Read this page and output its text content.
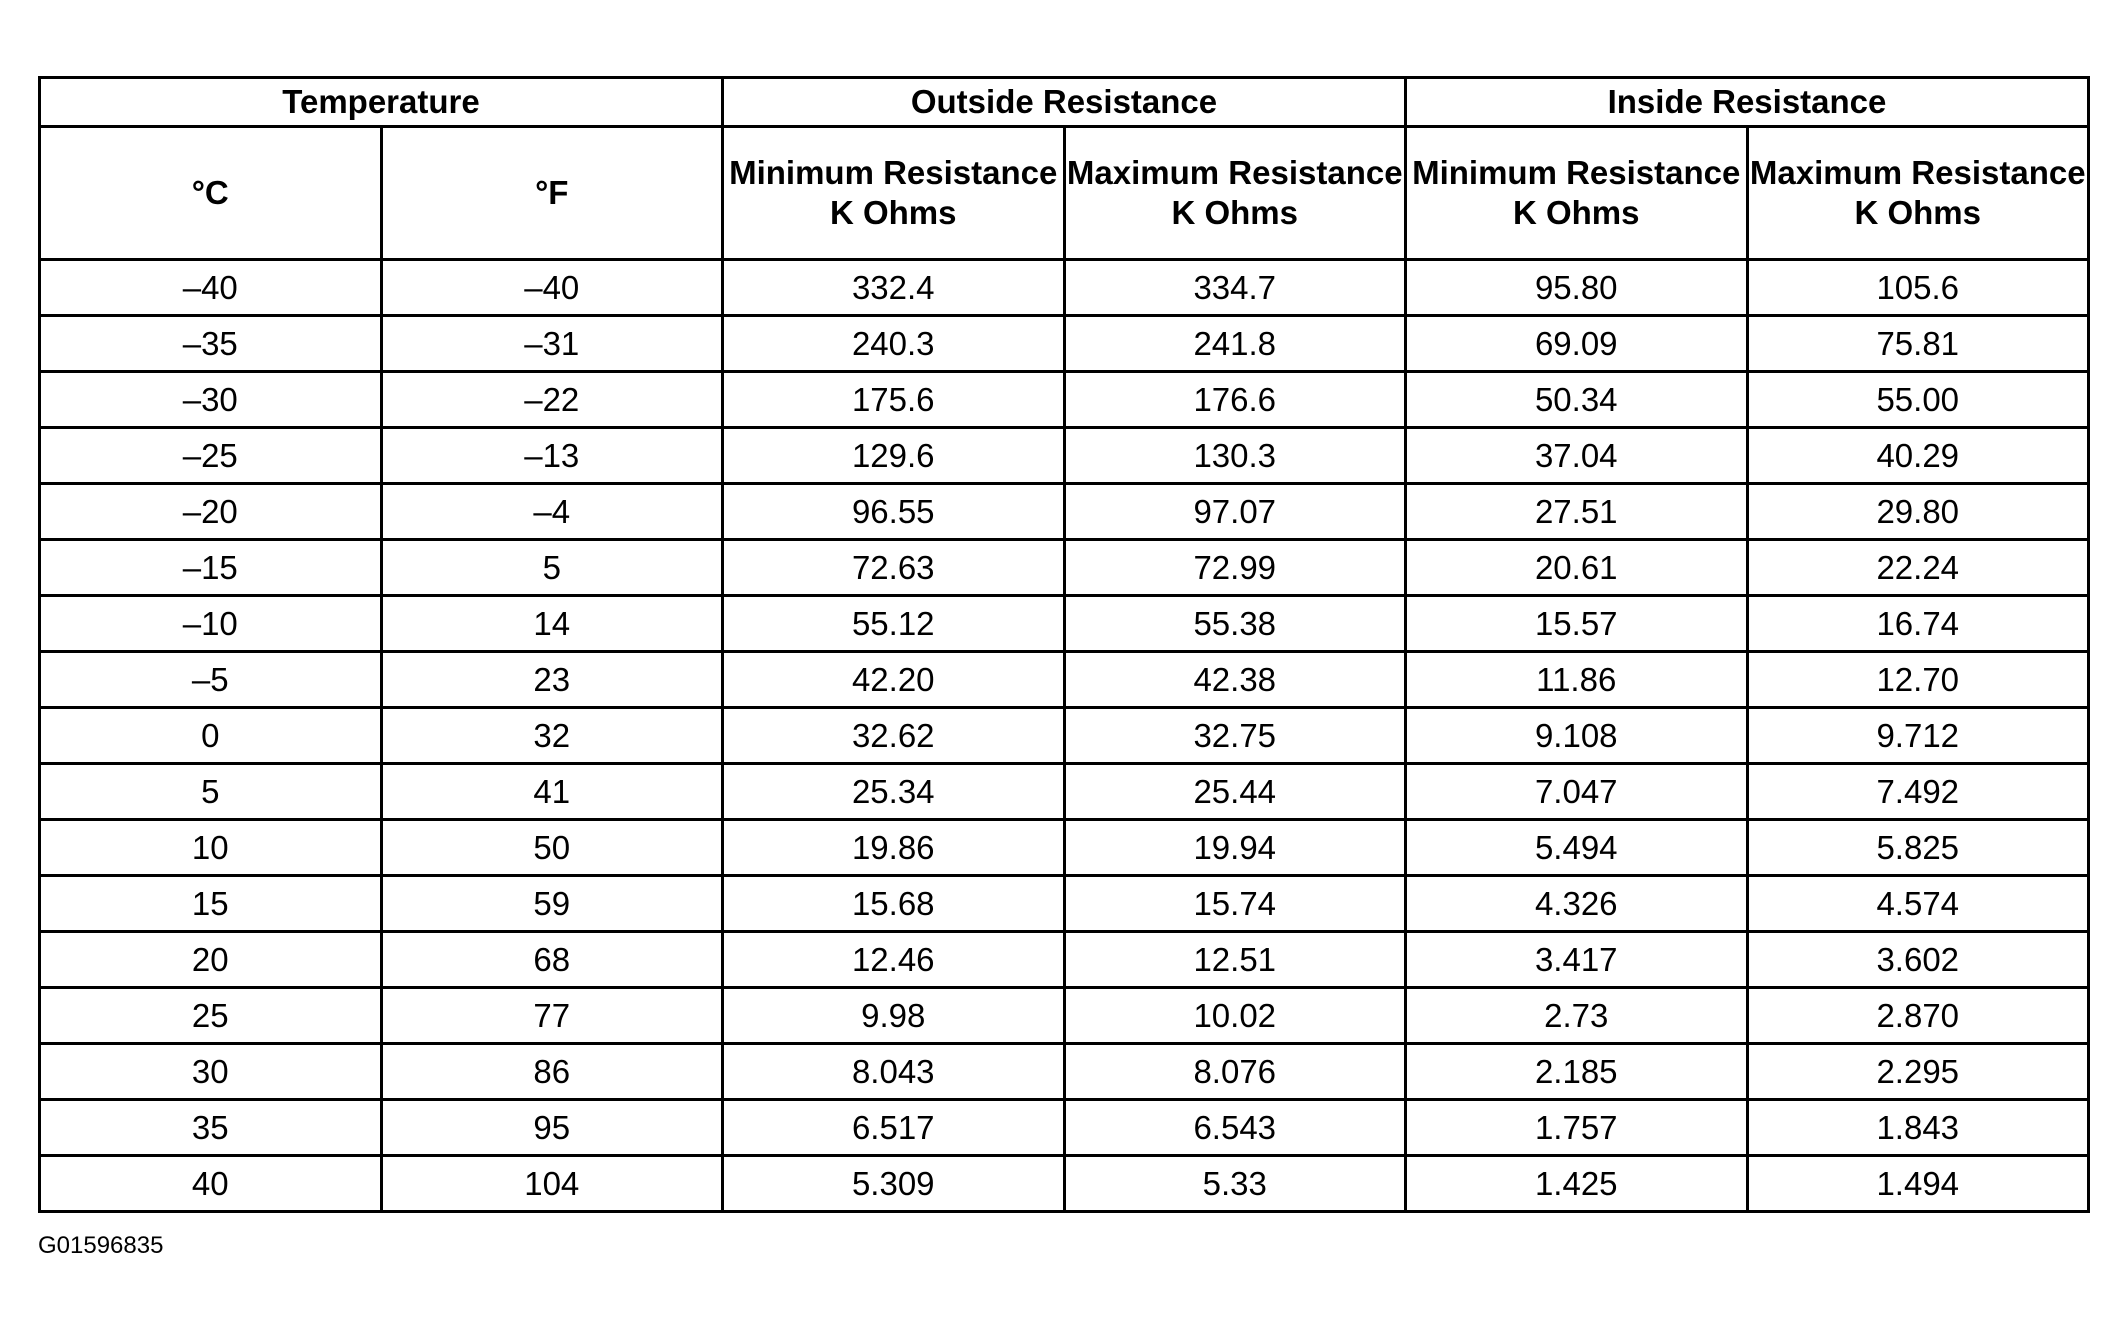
Temperature		Outside Resistance		Inside Resistance	
°C	°F	Minimum Resistance K Ohms	Maximum Resistance K Ohms	Minimum Resistance K Ohms	Maximum Resistance K Ohms
–40	–40	332.4	334.7	95.80	105.6
–35	–31	240.3	241.8	69.09	75.81
–30	–22	175.6	176.6	50.34	55.00
–25	–13	129.6	130.3	37.04	40.29
–20	–4	96.55	97.07	27.51	29.80
–15	5	72.63	72.99	20.61	22.24
–10	14	55.12	55.38	15.57	16.74
–5	23	42.20	42.38	11.86	12.70
0	32	32.62	32.75	9.108	9.712
5	41	25.34	25.44	7.047	7.492
10	50	19.86	19.94	5.494	5.825
15	59	15.68	15.74	4.326	4.574
20	68	12.46	12.51	3.417	3.602
25	77	9.98	10.02	2.73	2.870
30	86	8.043	8.076	2.185	2.295
35	95	6.517	6.543	1.757	1.843
40	104	5.309	5.33	1.425	1.494
G01596835
